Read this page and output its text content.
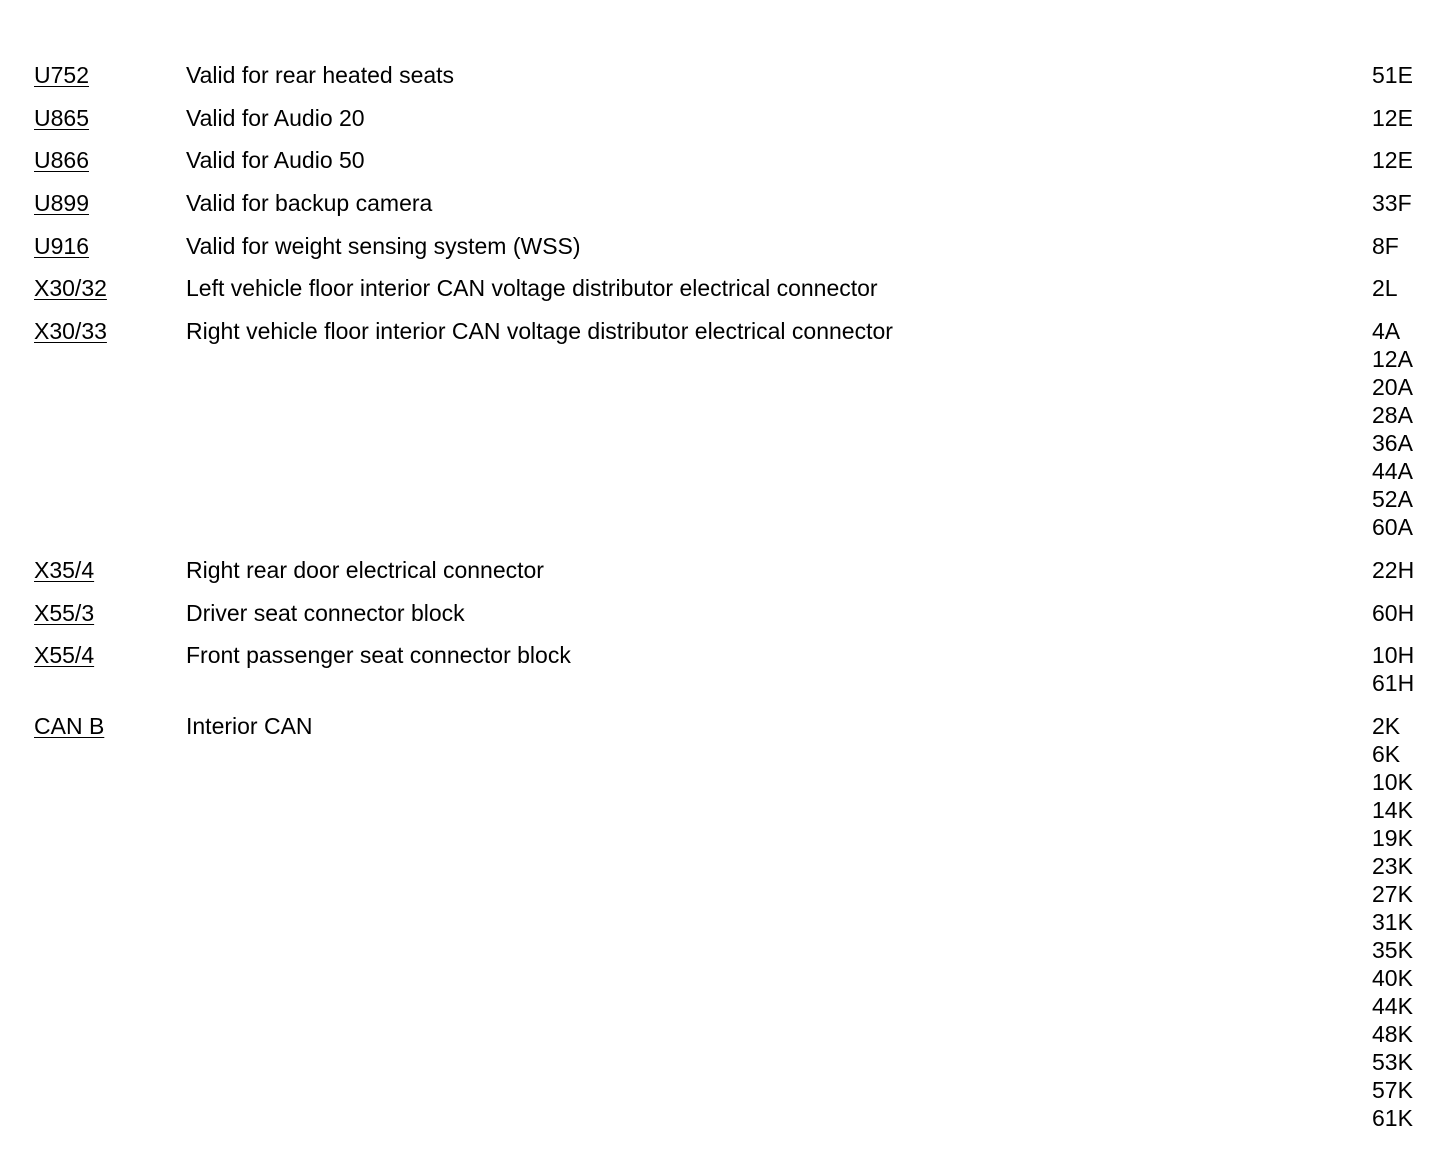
U752	Valid for rear heated seats	51E
U865	Valid for Audio 20	12E
U866	Valid for Audio 50	12E
U899	Valid for backup camera	33F
U916	Valid for weight sensing system (WSS)	8F
X30/32	Left vehicle floor interior CAN voltage distributor electrical connector	2L
X30/33	Right vehicle floor interior CAN voltage distributor electrical connector	4A
12A
20A
28A
36A
44A
52A
60A
X35/4	Right rear door electrical connector	22H
X55/3	Driver seat connector block	60H
X55/4	Front passenger seat connector block	10H
61H
CAN B	Interior CAN	2K
6K
10K
14K
19K
23K
27K
31K
35K
40K
44K
48K
53K
57K
61K
